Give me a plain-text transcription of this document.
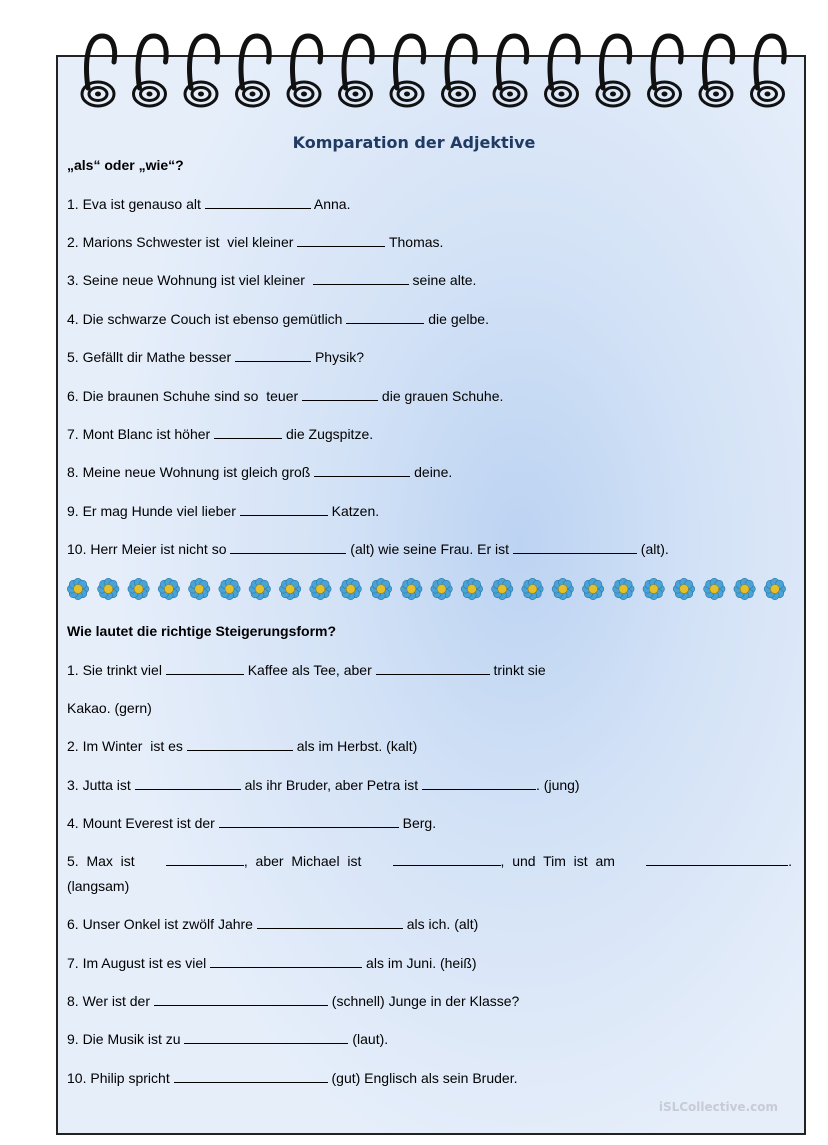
Komparation der Adjektive
„als“ oder „wie“?
1. Eva ist genauso alt	Anna.
2. Marions Schwester ist  viel kleiner	Thomas.
3. Seine neue Wohnung ist viel kleiner	seine alte.
4. Die schwarze Couch ist ebenso gemütlich	die gelbe.
5. Gefällt dir Mathe besser	Physik?
6. Die braunen Schuhe sind so  teuer	die grauen Schuhe.
7. Mont Blanc ist höher	die Zugspitze.
8. Meine neue Wohnung ist gleich groß	deine.
9. Er mag Hunde viel lieber	Katzen.
10. Herr Meier ist nicht so	(alt) wie seine Frau. Er ist	(alt).
Wie lautet die richtige Steigerungsform?
1. Sie trinkt viel	Kaffee als Tee, aber	trinkt sie
Kakao. (gern)
2. Im Winter  ist es	als im Herbst. (kalt)
3. Jutta ist	als ihr Bruder, aber Petra ist	. (jung)
4. Mount Everest ist der	Berg.
5.  Max  ist	,  aber  Michael  ist	,  und  Tim  ist  am	.
(langsam)
6. Unser Onkel ist zwölf Jahre	als ich. (alt)
7. Im August ist es viel	als im Juni. (heiß)
8. Wer ist der	(schnell) Junge in der Klasse?
9. Die Musik ist zu	(laut).
10. Philip spricht	(gut) Englisch als sein Bruder.
iSLCollective.com
